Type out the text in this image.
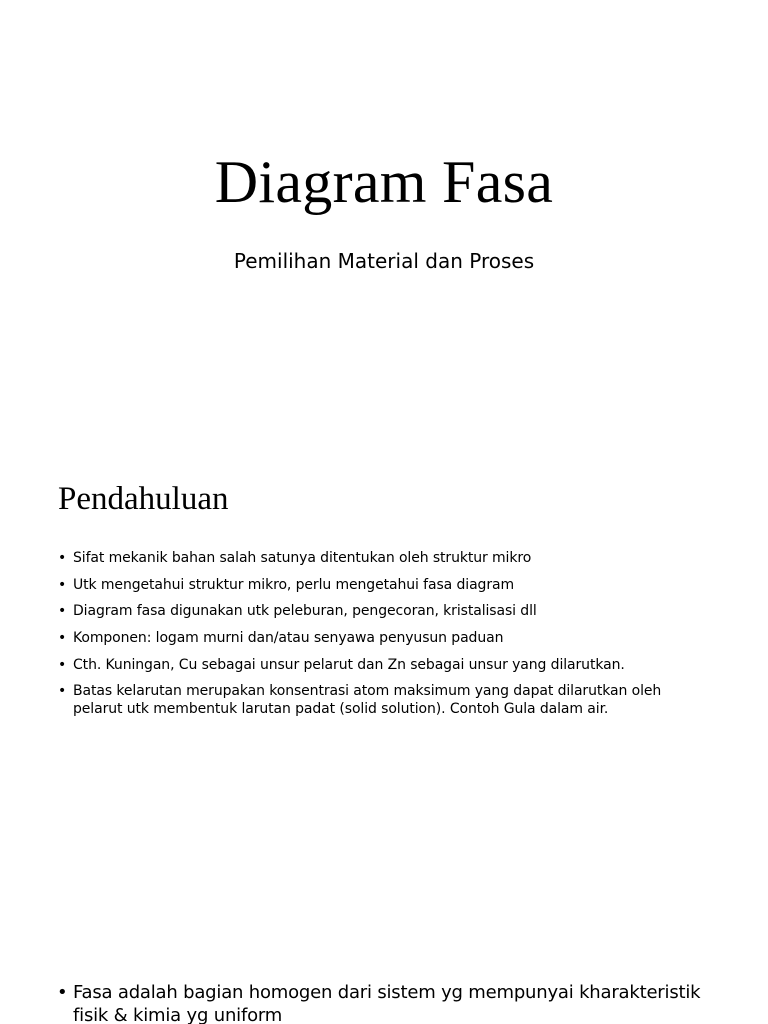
Diagram Fasa
Pemilihan Material dan Proses
Pendahuluan
• Sifat mekanik bahan salah satunya ditentukan oleh struktur mikro
• Utk mengetahui struktur mikro, perlu mengetahui fasa diagram
• Diagram fasa digunakan utk peleburan, pengecoran, kristalisasi dll
• Komponen: logam murni dan/atau senyawa penyusun paduan
• Cth. Kuningan, Cu sebagai unsur pelarut dan Zn sebagai unsur yang dilarutkan.
• Batas kelarutan merupakan konsentrasi atom maksimum yang dapat dilarutkan oleh pelarut utk membentuk larutan padat (solid solution). Contoh Gula dalam air.
• Fasa adalah bagian homogen dari sistem yg mempunyai kharakteristik fisik & kimia yg uniform
